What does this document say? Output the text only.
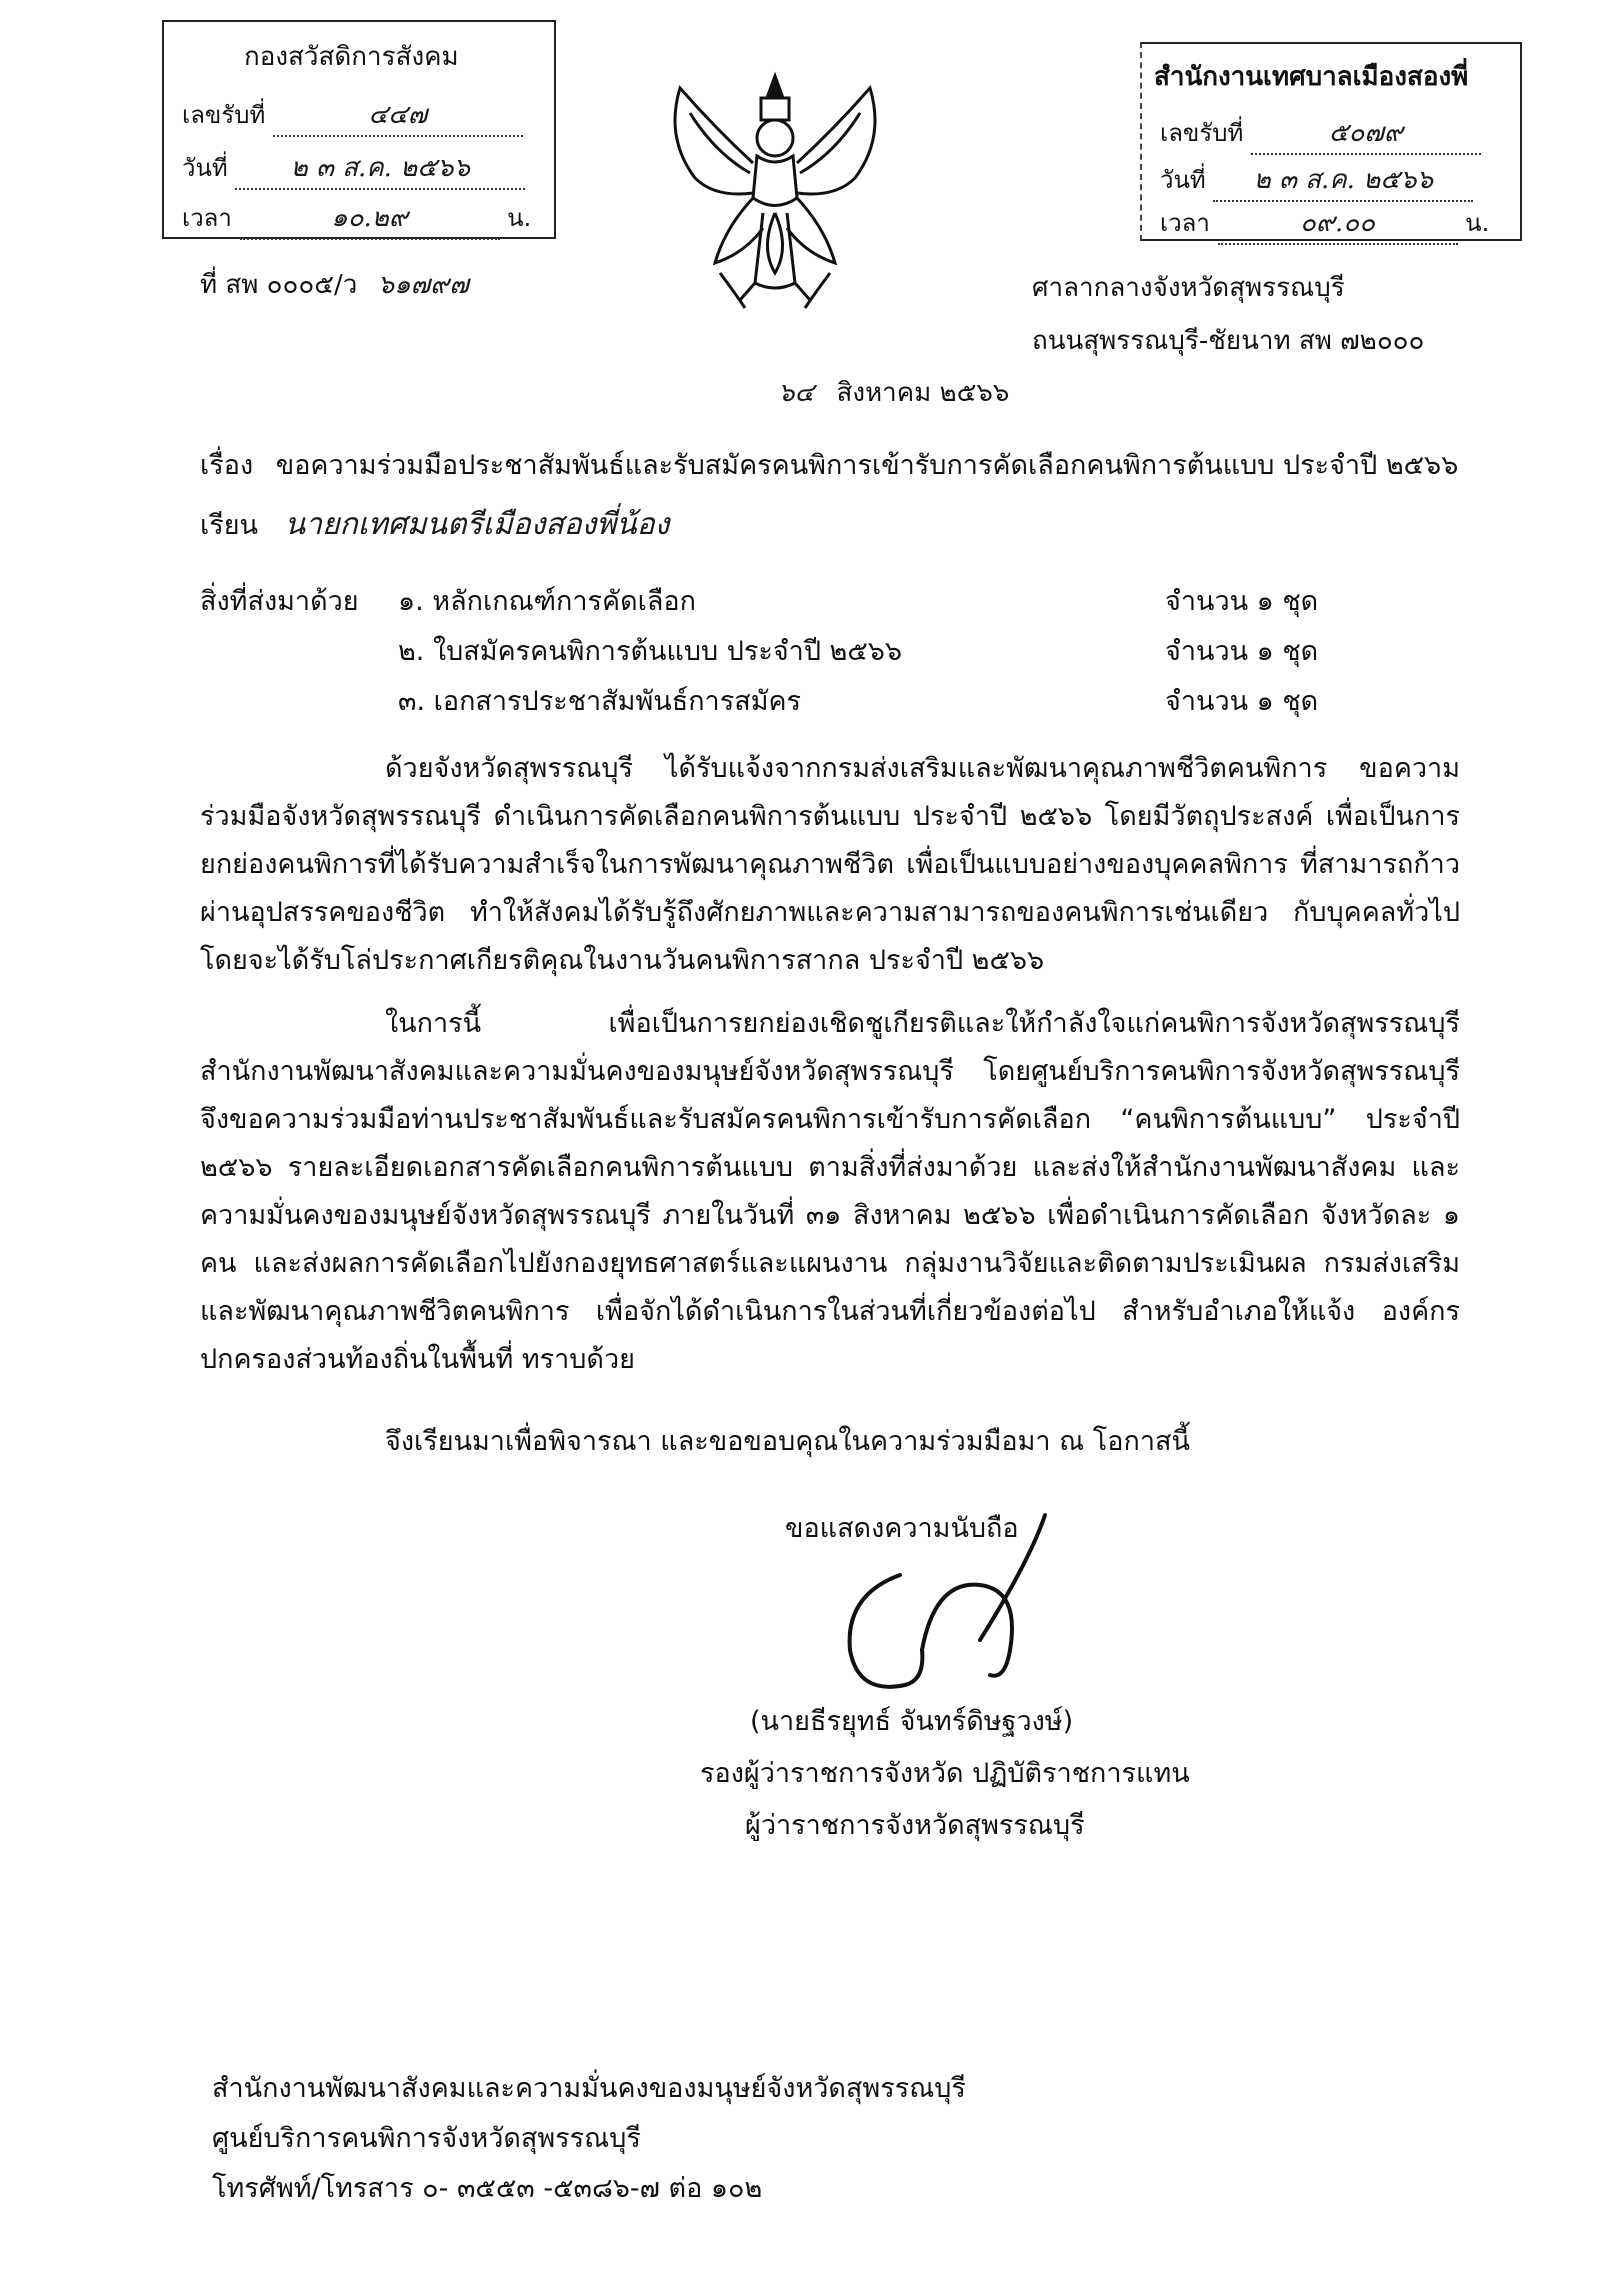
กองสวัสดิการสังคม
เลขรับที่	๔๔๗
วันที่ ๒ ๓ ส.ค. ๒๕๖๖
เวลา	๑๐.๒๙	น.
สำนักงานเทศบาลเมืองสองพี่
เลขรับที่	๕๐๗๙
วันที่ ๒ ๓ ส.ค. ๒๕๖๖
เวลา	๐๙.๐๐	น.
ที่ สพ ๐๐๐๕/ว ๖๑๗๙๗	ศาลากลางจังหวัดสุพรรณบุรี
ถนนสุพรรณบุรี-ชัยนาท สพ ๗๒๐๐๐
๖๔ สิงหาคม ๒๕๖๖
เรื่อง ขอความร่วมมือประชาสัมพันธ์และรับสมัครคนพิการเข้ารับการคัดเลือกคนพิการต้นแบบ ประจำปี ๒๕๖๖
เรียน นายกเทศมนตรีเมืองสองพี่น้อง
สิ่งที่ส่งมาด้วย ๑. หลักเกณฑ์การคัดเลือก	จำนวน ๑ ชุด
๒. ใบสมัครคนพิการต้นแบบ ประจำปี ๒๕๖๖	จำนวน ๑ ชุด
๓. เอกสารประชาสัมพันธ์การสมัคร	จำนวน ๑ ชุด

ด้วยจังหวัดสุพรรณบุรี ได้รับแจ้งจากกรมส่งเสริมและพัฒนาคุณภาพชีวิตคนพิการ ขอความร่วมมือจังหวัดสุพรรณบุรี ดำเนินการคัดเลือกคนพิการต้นแบบ ประจำปี ๒๕๖๖ โดยมีวัตถุประสงค์ เพื่อเป็นการยกย่องคนพิการที่ได้รับความสำเร็จในการพัฒนาคุณภาพชีวิต เพื่อเป็นแบบอย่างของบุคคลพิการ ที่สามารถก้าวผ่านอุปสรรคของชีวิต ทำให้สังคมได้รับรู้ถึงศักยภาพและความสามารถของคนพิการเช่นเดียว กับบุคคลทั่วไป โดยจะได้รับโล่ประกาศเกียรติคุณในงานวันคนพิการสากล ประจำปี ๒๕๖๖

ในการนี้ เพื่อเป็นการยกย่องเชิดชูเกียรติและให้กำลังใจแก่คนพิการจังหวัดสุพรรณบุรี สำนักงานพัฒนาสังคมและความมั่นคงของมนุษย์จังหวัดสุพรรณบุรี โดยศูนย์บริการคนพิการจังหวัดสุพรรณบุรี จึงขอความร่วมมือท่านประชาสัมพันธ์และรับสมัครคนพิการเข้ารับการคัดเลือก “คนพิการต้นแบบ” ประจำปี ๒๕๖๖ รายละเอียดเอกสารคัดเลือกคนพิการต้นแบบ ตามสิ่งที่ส่งมาด้วย และส่งให้สำนักงานพัฒนาสังคม และความมั่นคงของมนุษย์จังหวัดสุพรรณบุรี ภายในวันที่ ๓๑ สิงหาคม ๒๕๖๖ เพื่อดำเนินการคัดเลือก จังหวัดละ ๑ คน และส่งผลการคัดเลือกไปยังกองยุทธศาสตร์และแผนงาน กลุ่มงานวิจัยและติดตามประเมินผล กรมส่งเสริมและพัฒนาคุณภาพชีวิตคนพิการ เพื่อจักได้ดำเนินการในส่วนที่เกี่ยวข้องต่อไป สำหรับอำเภอให้แจ้ง องค์กรปกครองส่วนท้องถิ่นในพื้นที่ ทราบด้วย

จึงเรียนมาเพื่อพิจารณา และขอขอบคุณในความร่วมมือมา ณ โอกาสนี้
ขอแสดงความนับถือ
(นายธีรยุทธ์ จันทร์ดิษฐวงษ์)
รองผู้ว่าราชการจังหวัด ปฏิบัติราชการแทน
ผู้ว่าราชการจังหวัดสุพรรณบุรี
สำนักงานพัฒนาสังคมและความมั่นคงของมนุษย์จังหวัดสุพรรณบุรี
ศูนย์บริการคนพิการจังหวัดสุพรรณบุรี
โทรศัพท์/โทรสาร ๐- ๓๕๕๓ -๕๓๘๖-๗ ต่อ ๑๐๒
